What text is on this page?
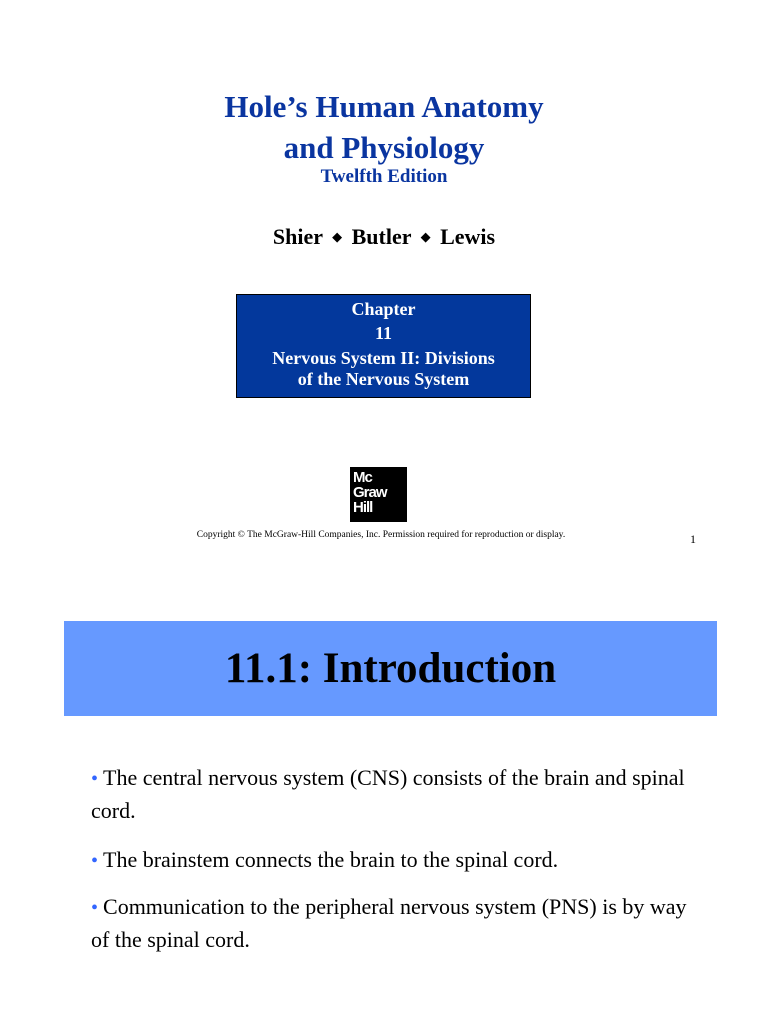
Hole’s Human Anatomy
and Physiology
Twelfth Edition
Shier ◆ Butler ◆ Lewis
Chapter
11
Nervous System II: Divisions
of the Nervous System
Mc
Graw
Hill
Copyright © The McGraw-Hill Companies, Inc. Permission required for reproduction or display.	1
11.1: Introduction
• The central nervous system (CNS) consists of the brain and spinal cord.
• The brainstem connects the brain to the spinal cord.
• Communication to the peripheral nervous system (PNS) is by way of the spinal cord.
